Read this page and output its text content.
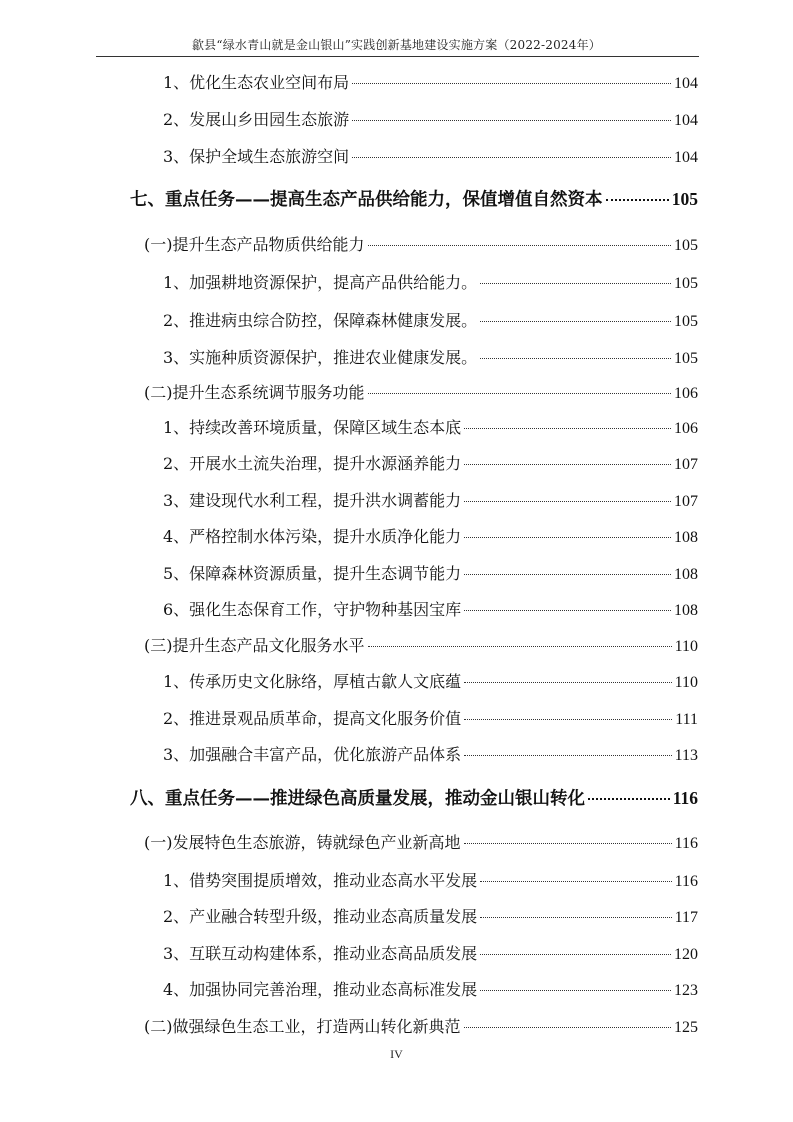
歙县“绿水青山就是金山银山”实践创新基地建设实施方案（2022-2024年）
1、优化生态农业空间布局	104
2、发展山乡田园生态旅游	104
3、保护全域生态旅游空间	104
七、重点任务——提高生态产品供给能力，保值增值自然资本	105
(一)提升生态产品物质供给能力	105
1、加强耕地资源保护，提高产品供给能力。	105
2、推进病虫综合防控，保障森林健康发展。	105
3、实施种质资源保护，推进农业健康发展。	105
(二)提升生态系统调节服务功能	106
1、持续改善环境质量，保障区域生态本底	106
2、开展水土流失治理，提升水源涵养能力	107
3、建设现代水利工程，提升洪水调蓄能力	107
4、严格控制水体污染，提升水质净化能力	108
5、保障森林资源质量，提升生态调节能力	108
6、强化生态保育工作，守护物种基因宝库	108
(三)提升生态产品文化服务水平	110
1、传承历史文化脉络，厚植古歙人文底蕴	110
2、推进景观品质革命，提高文化服务价值	111
3、加强融合丰富产品，优化旅游产品体系	113
八、重点任务——推进绿色高质量发展，推动金山银山转化	116
(一)发展特色生态旅游，铸就绿色产业新高地	116
1、借势突围提质增效，推动业态高水平发展	116
2、产业融合转型升级，推动业态高质量发展	117
3、互联互动构建体系，推动业态高品质发展	120
4、加强协同完善治理，推动业态高标准发展	123
(二)做强绿色生态工业，打造两山转化新典范	125
IV
